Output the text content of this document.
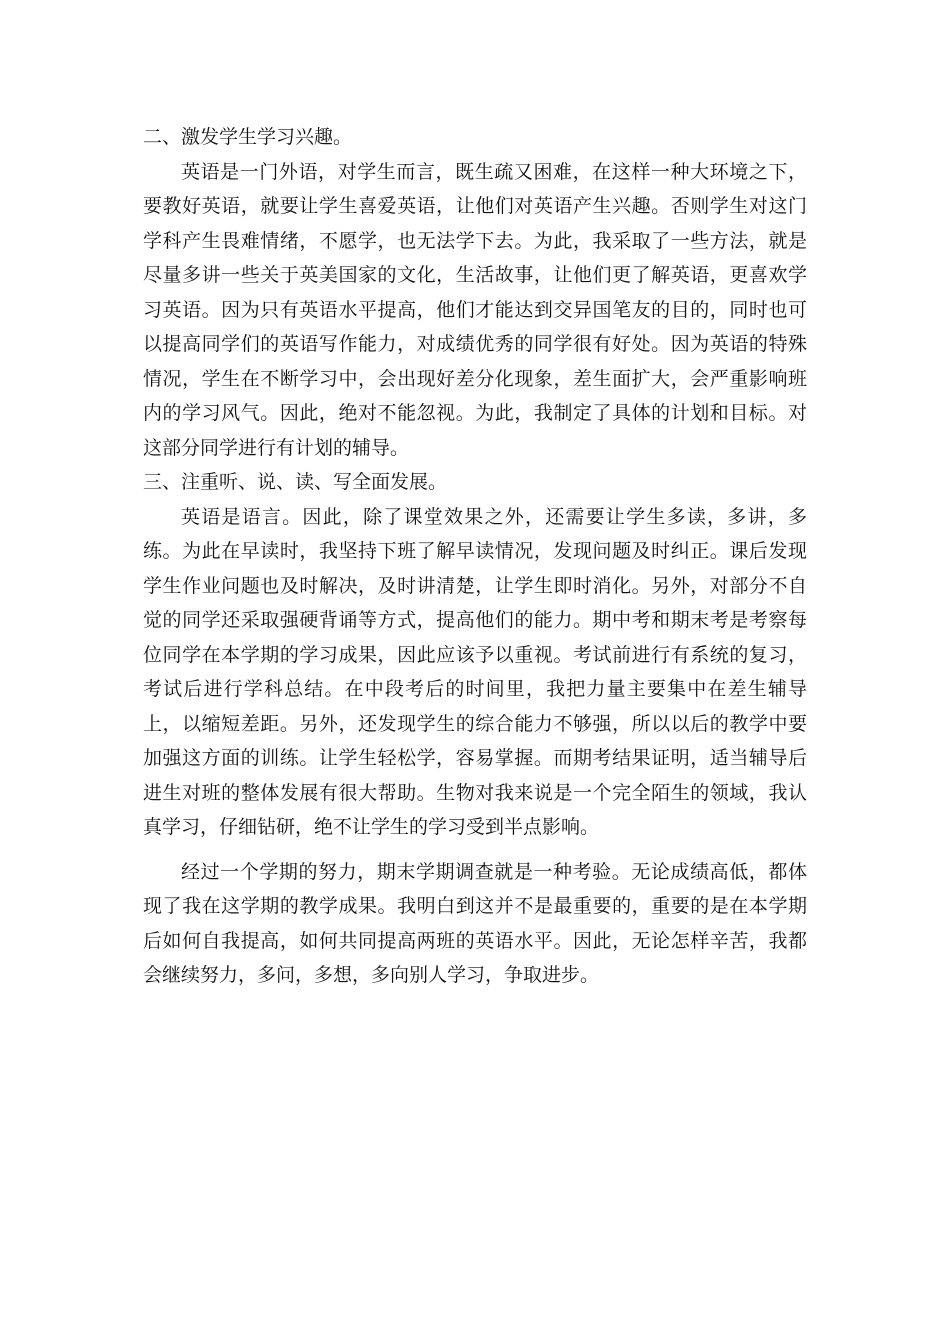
二、激发学生学习兴趣。

英语是一门外语，对学生而言，既生疏又困难，在这样一种大环境之下，要教好英语，就要让学生喜爱英语，让他们对英语产生兴趣。否则学生对这门学科产生畏难情绪，不愿学，也无法学下去。为此，我采取了一些方法，就是尽量多讲一些关于英美国家的文化，生活故事，让他们更了解英语，更喜欢学习英语。因为只有英语水平提高，他们才能达到交异国笔友的目的，同时也可以提高同学们的英语写作能力，对成绩优秀的同学很有好处。因为英语的特殊情况，学生在不断学习中，会出现好差分化现象，差生面扩大，会严重影响班内的学习风气。因此，绝对不能忽视。为此，我制定了具体的计划和目标。对这部分同学进行有计划的辅导。

三、注重听、说、读、写全面发展。

英语是语言。因此，除了课堂效果之外，还需要让学生多读，多讲，多练。为此在早读时，我坚持下班了解早读情况，发现问题及时纠正。课后发现学生作业问题也及时解决，及时讲清楚，让学生即时消化。另外，对部分不自觉的同学还采取强硬背诵等方式，提高他们的能力。期中考和期末考是考察每位同学在本学期的学习成果，因此应该予以重视。考试前进行有系统的复习，考试后进行学科总结。在中段考后的时间里，我把力量主要集中在差生辅导上，以缩短差距。另外，还发现学生的综合能力不够强，所以以后的教学中要加强这方面的训练。让学生轻松学，容易掌握。而期考结果证明，适当辅导后进生对班的整体发展有很大帮助。生物对我来说是一个完全陌生的领域，我认真学习，仔细钻研，绝不让学生的学习受到半点影响。

经过一个学期的努力，期末学期调查就是一种考验。无论成绩高低，都体现了我在这学期的教学成果。我明白到这并不是最重要的，重要的是在本学期后如何自我提高，如何共同提高两班的英语水平。因此，无论怎样辛苦，我都会继续努力，多问，多想，多向别人学习，争取进步。
